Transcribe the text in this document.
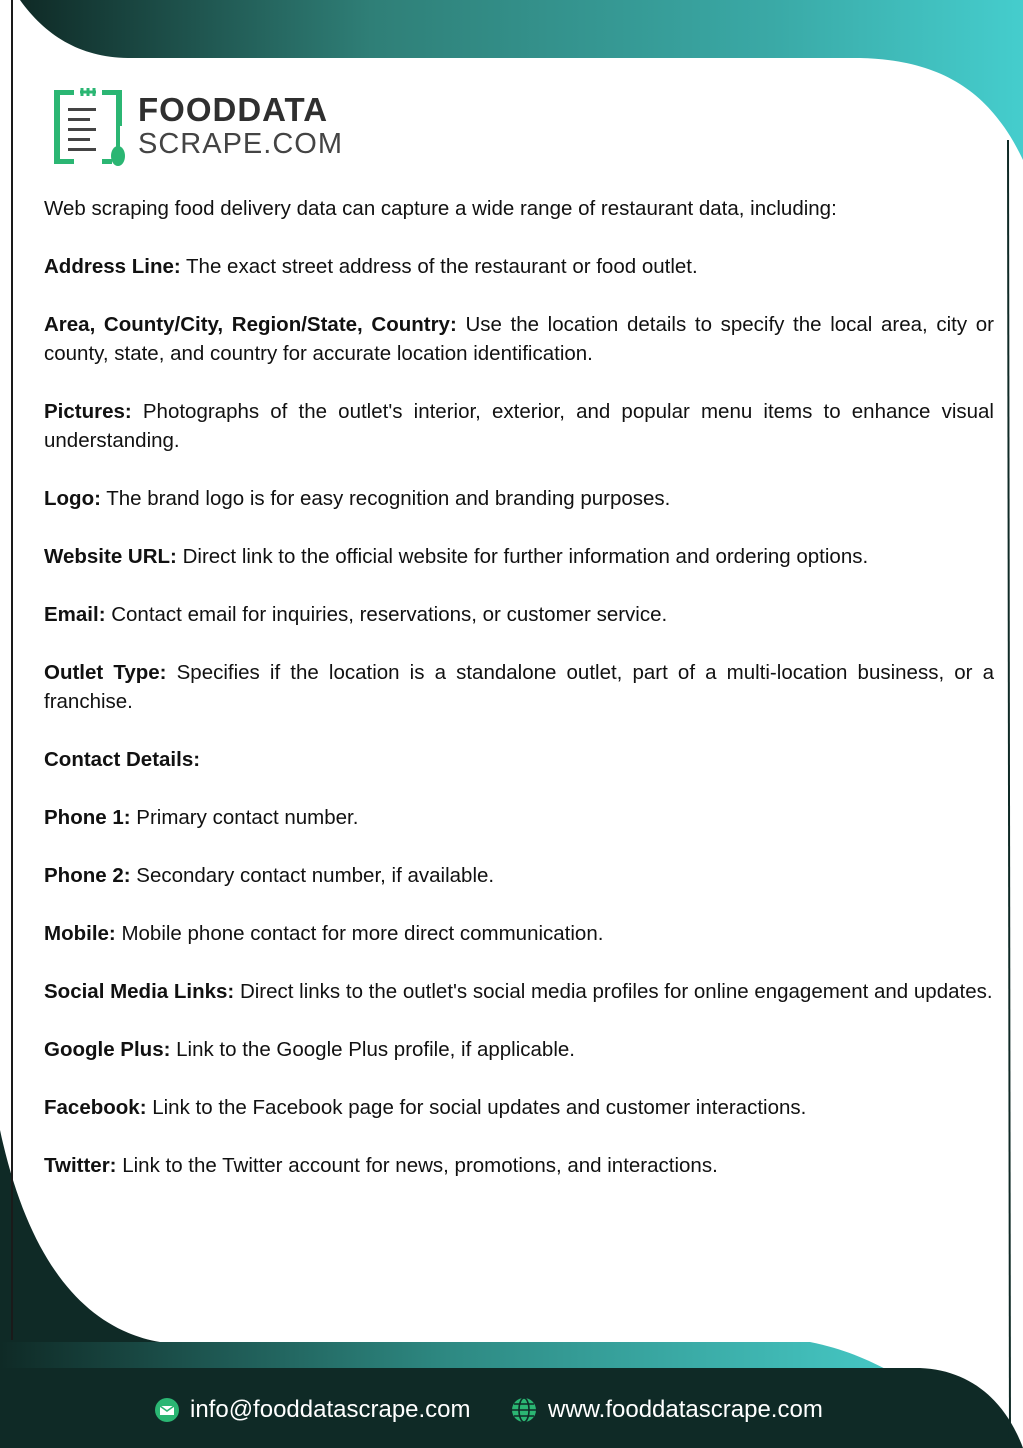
FOODDATA
SCRAPE.COM

Web scraping food delivery data can capture a wide range of restaurant data, including:

Address Line: The exact street address of the restaurant or food outlet.

Area, County/City, Region/State, Country: Use the location details to specify the local area, city or county, state, and country for accurate location identification.

Pictures: Photographs of the outlet's interior, exterior, and popular menu items to enhance visual understanding.

Logo: The brand logo is for easy recognition and branding purposes.

Website URL: Direct link to the official website for further information and ordering options.

Email: Contact email for inquiries, reservations, or customer service.

Outlet Type: Specifies if the location is a standalone outlet, part of a multi-location business, or a franchise.

Contact Details:

Phone 1: Primary contact number.

Phone 2: Secondary contact number, if available.

Mobile: Mobile phone contact for more direct communication.

Social Media Links: Direct links to the outlet's social media profiles for online engagement and updates.

Google Plus: Link to the Google Plus profile, if applicable.

Facebook: Link to the Facebook page for social updates and customer interactions.

Twitter: Link to the Twitter account for news, promotions, and interactions.

info@fooddatascrape.com	www.fooddatascrape.com
